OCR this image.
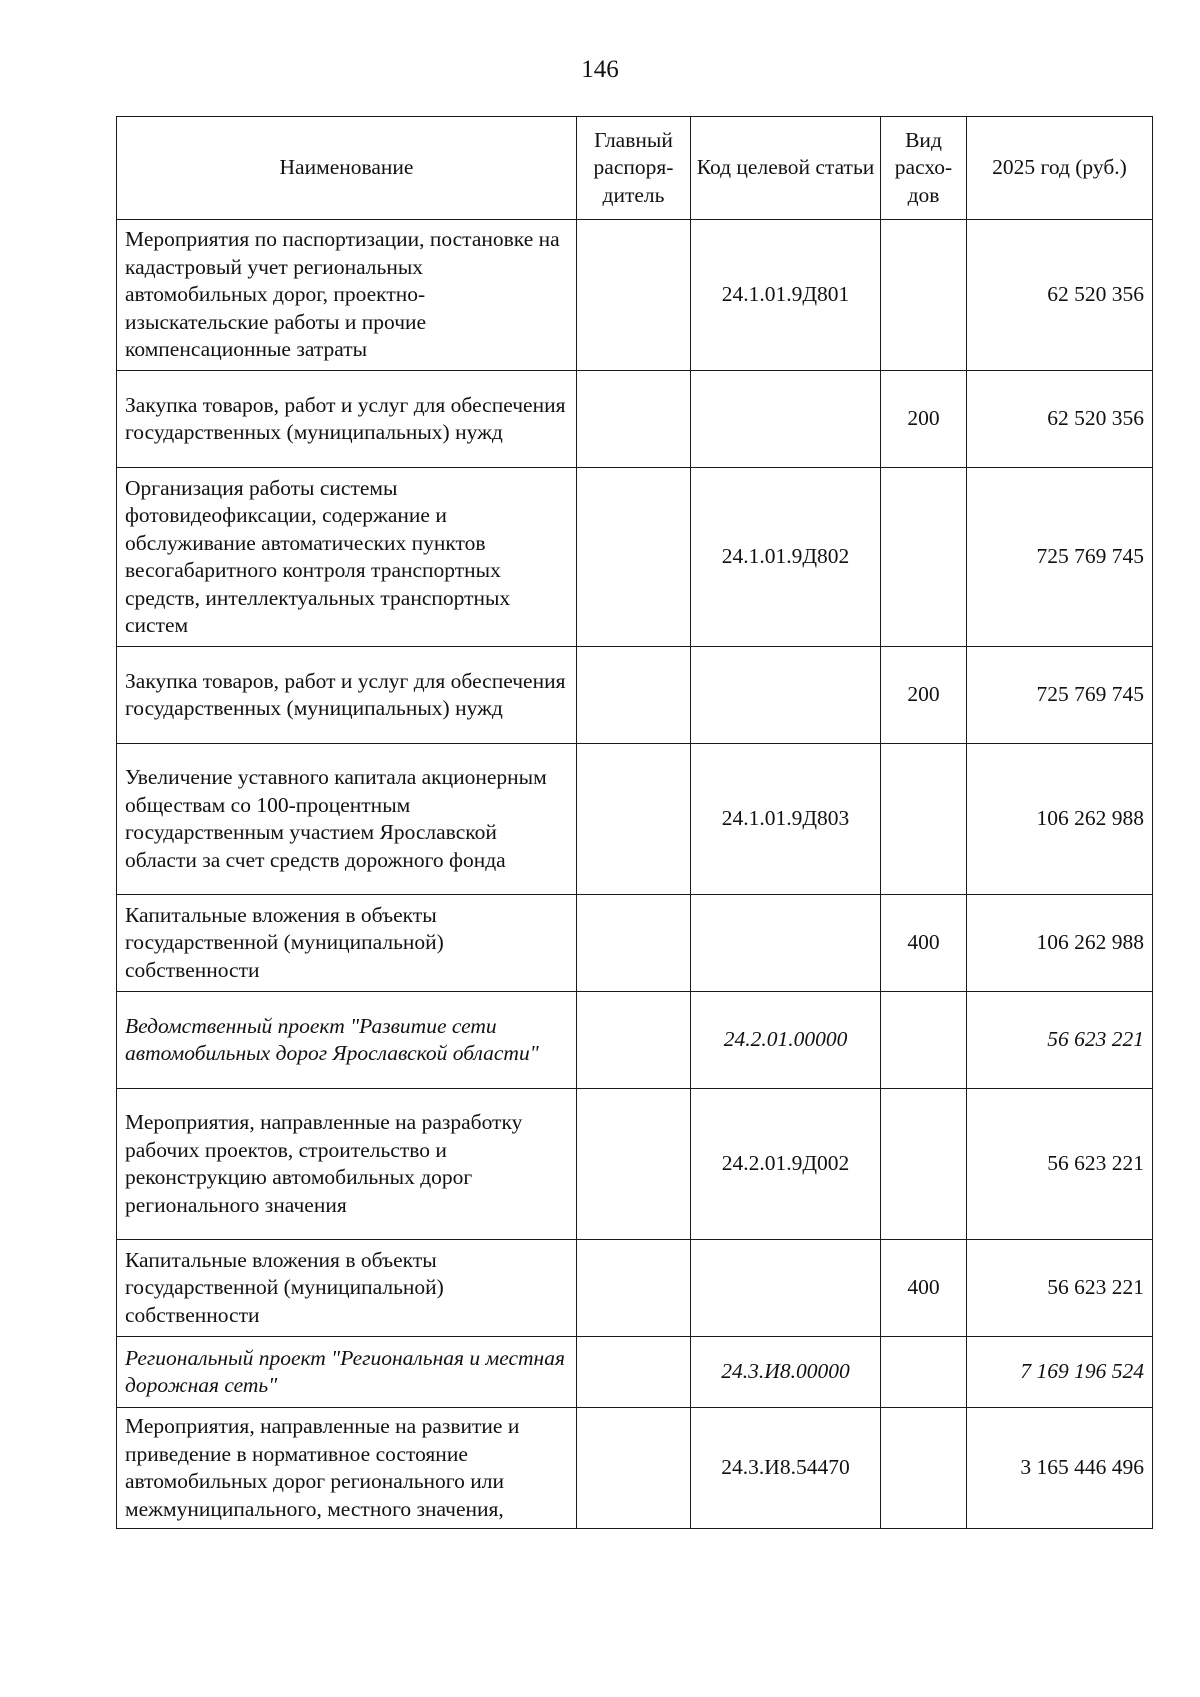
146
Наименование	Главный распоря-дитель	Код целевой статьи	Вид расхо-дов	2025 год (руб.)
Мероприятия по паспортизации, постановке на кадастровый учет региональных автомобильных дорог, проектно-изыскательские работы и прочие компенсационные затраты		24.1.01.9Д801		62 520 356
Закупка товаров, работ и услуг для обеспечения государственных (муниципальных) нужд			200	62 520 356
Организация работы системы фотовидеофиксации, содержание и обслуживание автоматических пунктов весогабаритного контроля транспортных средств, интеллектуальных транспортных систем		24.1.01.9Д802		725 769 745
Закупка товаров, работ и услуг для обеспечения государственных (муниципальных) нужд			200	725 769 745
Увеличение уставного капитала акционерным обществам со 100-процентным государственным участием Ярославской области за счет средств дорожного фонда		24.1.01.9Д803		106 262 988
Капитальные вложения в объекты государственной (муниципальной) собственности			400	106 262 988
Ведомственный проект "Развитие сети автомобильных дорог Ярославской области"		24.2.01.00000		56 623 221
Мероприятия, направленные на разработку рабочих проектов, строительство и реконструкцию автомобильных дорог регионального значения		24.2.01.9Д002		56 623 221
Капитальные вложения в объекты государственной (муниципальной) собственности			400	56 623 221
Региональный проект "Региональная и местная дорожная сеть"		24.3.И8.00000		7 169 196 524
Мероприятия, направленные на развитие и приведение в нормативное состояние автомобильных дорог регионального или межмуниципального, местного значения,		24.3.И8.54470		3 165 446 496
